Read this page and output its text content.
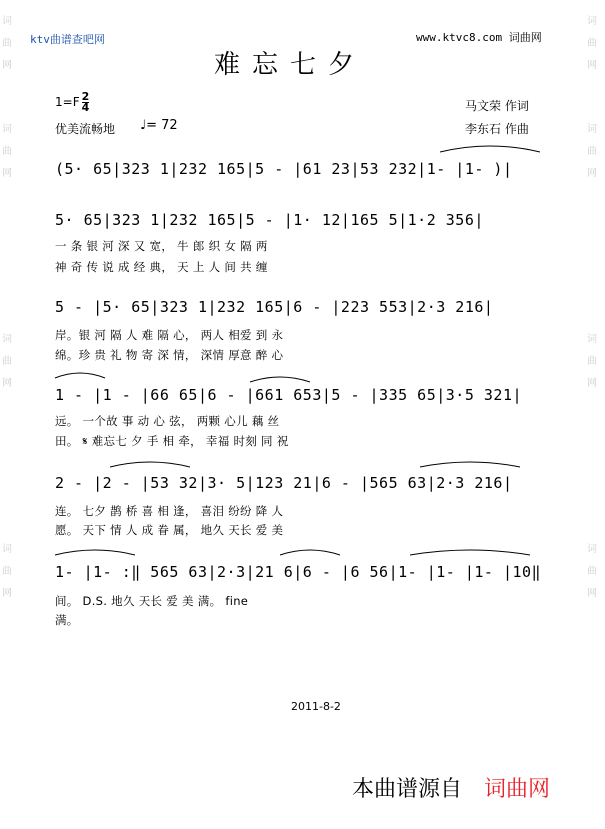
词
曲
网
词
曲
网
词
曲
网
词
曲
网
词
曲
网
词
曲
网
词
曲
网
词
曲
网
ktv曲谱查吧网	www.ktvc8.com 词曲网
难忘七夕
$1=F \frac{2}{4}$
优美流畅地 ♩= 72
马文荣 作词
李东石 作曲
(5· 65|323 1|232 165|5 - |61 23|53 232|1- |1- )|
5· 65|323 1|232 165|5 - |1· 12|165 5|1·2 356|
一 条 银 河 深 又 宽， 牛 郎 织 女 隔 两
神 奇 传 说 成 经 典， 天 上 人 间 共 缠
5 - |5· 65|323 1|232 165|6 - |223 553|2·3 216|
岸。银 河 隔 人 难 隔 心， 两人 相爱 到 永
绵。珍 贵 礼 物 寄 深 情， 深情 厚意 醉 心
1 - |1 - |66 65|6 - |661 653|5 - |335 65|3·5 321|
远。 一个故 事 动 心 弦， 两颗 心儿 藕 丝
田。 𝄋 难忘七 夕 手 相 牵， 幸福 时刻 同 祝
2 - |2 - |53 32|3· 5|123 21|6 - |565 63|2·3 216|
连。 七夕 鹊 桥 喜 相 逢， 喜泪 纷纷 降 人
愿。 天下 情 人 成 眷 属， 地久 天长 爱 美
1- |1- :‖ 565 63|2·3|21 6|6 - |6 56|1- |1- |1- |10‖
间。 D.S. 地久 天长 爱 美 满。 fine
满。
2011-8-2
本曲谱源自 词曲网
